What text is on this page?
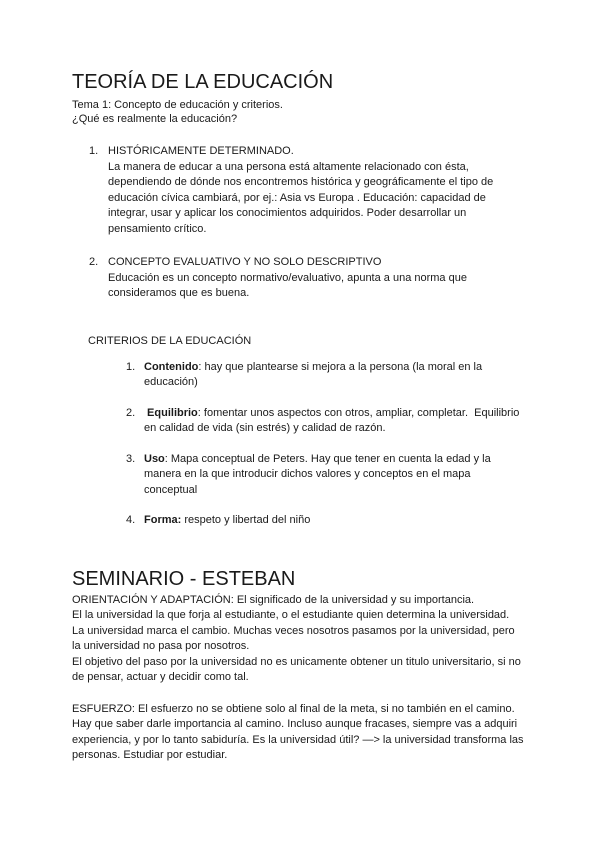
TEORÍA DE LA EDUCACIÓN

Tema 1: Concepto de educación y criterios.

¿Qué es realmente la educación?

1. HISTÓRICAMENTE DETERMINADO.
La manera de educar a una persona está altamente relacionado con ésta,
dependiendo de dónde nos encontremos histórica y geográficamente el tipo de
educación cívica cambiará, por ej.: Asia vs Europa . Educación: capacidad de
integrar, usar y aplicar los conocimientos adquiridos. Poder desarrollar un
pensamiento crítico.
2. CONCEPTO EVALUATIVO Y NO SOLO DESCRIPTIVO
Educación es un concepto normativo/evaluativo, apunta a una norma que
consideramos que es buena.

CRITERIOS DE LA EDUCACIÓN

1. Contenido: hay que plantearse si mejora a la persona (la moral en la
educación)
2. Equilibrio: fomentar unos aspectos con otros, ampliar, completar.  Equilibrio
en calidad de vida (sin estrés) y calidad de razón.
3. Uso: Mapa conceptual de Peters. Hay que tener en cuenta la edad y la
manera en la que introducir dichos valores y conceptos en el mapa
conceptual
4. Forma: respeto y libertad del niño
SEMINARIO - ESTEBAN

ORIENTACIÓN Y ADAPTACIÓN: El significado de la universidad y su importancia.

El la universidad la que forja al estudiante, o el estudiante quien determina la universidad.

La universidad marca el cambio. Muchas veces nosotros pasamos por la universidad, pero

la universidad no pasa por nosotros.

El objetivo del paso por la universidad no es unicamente obtener un titulo universitario, si no

de pensar, actuar y decidir como tal.

ESFUERZO: El esfuerzo no se obtiene solo al final de la meta, si no también en el camino.

Hay que saber darle importancia al camino. Incluso aunque fracases, siempre vas a adquiri

experiencia, y por lo tanto sabiduría. Es la universidad útil? —> la universidad transforma las

personas. Estudiar por estudiar.
